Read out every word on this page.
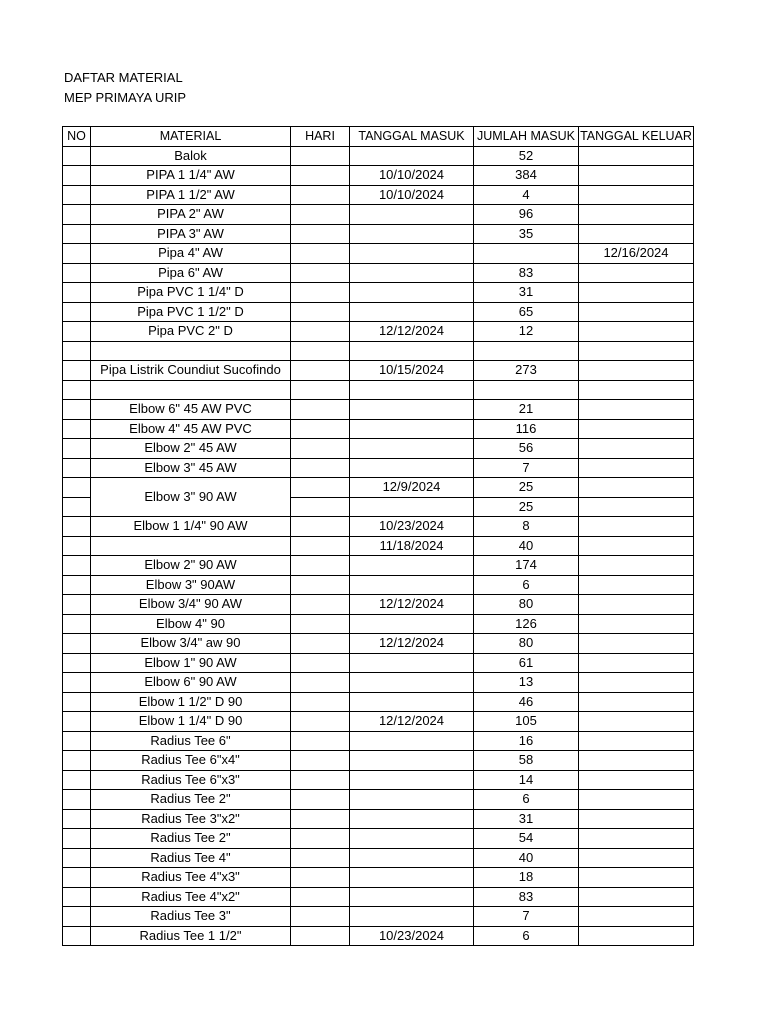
DAFTAR MATERIAL
MEP PRIMAYA URIP
NO	MATERIAL	HARI	TANGGAL MASUK	JUMLAH MASUK	TANGGAL KELUAR
	Balok			52	
	PIPA 1 1/4" AW		10/10/2024	384	
	PIPA 1 1/2" AW		10/10/2024	4	
	PIPA 2" AW			96	
	PIPA 3" AW			35	
	Pipa 4" AW				12/16/2024
	Pipa 6" AW			83	
	Pipa PVC 1 1/4" D			31	
	Pipa PVC 1 1/2" D			65	
	Pipa PVC 2" D		12/12/2024	12	

	Pipa Listrik Coundiut Sucofindo		10/15/2024	273	

	Elbow 6" 45 AW PVC			21	
	Elbow 4" 45 AW PVC			116	
	Elbow 2" 45 AW			56	
	Elbow 3" 45 AW			7	
	Elbow 3" 90 AW		12/9/2024	25	
				25	
	Elbow 1 1/4" 90 AW		10/23/2024	8	
			11/18/2024	40	
	Elbow 2" 90 AW			174	
	Elbow 3" 90AW			6	
	Elbow 3/4" 90 AW		12/12/2024	80	
	Elbow 4" 90			126	
	Elbow 3/4" aw 90		12/12/2024	80	
	Elbow 1" 90 AW			61	
	Elbow 6" 90 AW			13	
	Elbow 1 1/2" D 90			46	
	Elbow 1 1/4" D 90		12/12/2024	105	
	Radius Tee 6"			16	
	Radius Tee 6"x4"			58	
	Radius Tee 6"x3"			14	
	Radius Tee 2"			6	
	Radius Tee 3"x2"			31	
	Radius Tee 2"			54	
	Radius Tee 4"			40	
	Radius Tee 4"x3"			18	
	Radius Tee 4"x2"			83	
	Radius Tee 3"			7	
	Radius Tee 1 1/2"		10/23/2024	6	
